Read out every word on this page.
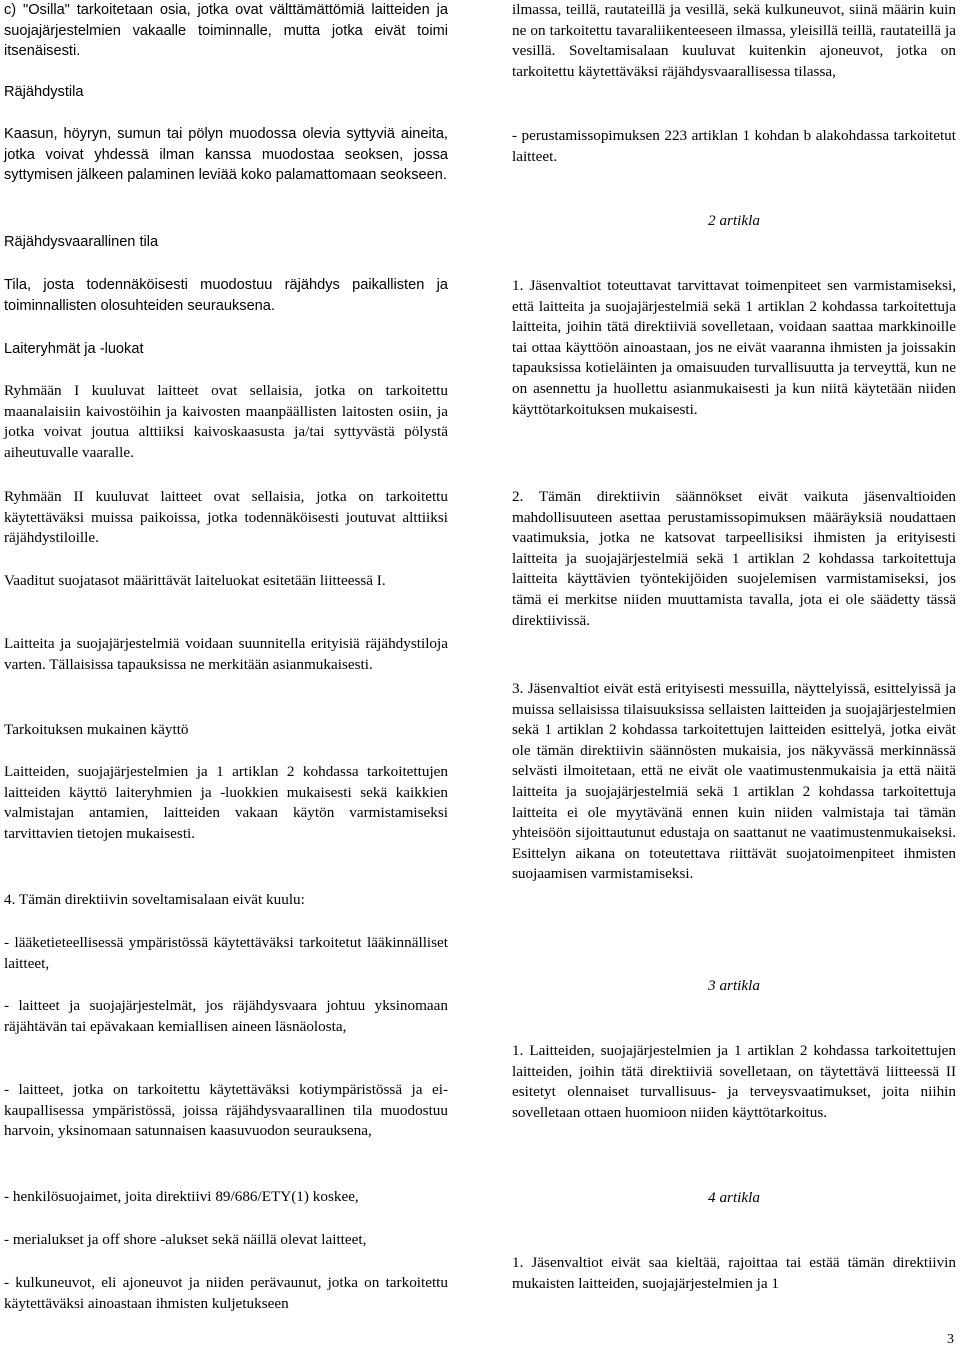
c) "Osilla" tarkoitetaan osia, jotka ovat välttämättömiä laitteiden ja suojajärjestelmien vakaalle toiminnalle, mutta jotka eivät toimi itsenäisesti.

Räjähdystila

Kaasun, höyryn, sumun tai pölyn muodossa olevia syttyviä aineita, jotka voivat yhdessä ilman kanssa muodostaa seoksen, jossa syttymisen jälkeen palaminen leviää koko palamattomaan seokseen.

Räjähdysvaarallinen tila

Tila, josta todennäköisesti muodostuu räjähdys paikallisten ja toiminnallisten olosuhteiden seurauksena.

Laiteryhmät ja -luokat

Ryhmään I kuuluvat laitteet ovat sellaisia, jotka on tarkoitettu maanalaisiin kaivostöihin ja kaivosten maanpäällisten laitosten osiin, ja jotka voivat joutua alttiiksi kaivoskaasusta ja/tai syttyvästä pölystä aiheutuvalle vaaralle.

Ryhmään II kuuluvat laitteet ovat sellaisia, jotka on tarkoitettu käytettäväksi muissa paikoissa, jotka todennäköisesti joutuvat alttiiksi räjähdystiloille.

Vaaditut suojatasot määrittävät laiteluokat esitetään liitteessä I.

Laitteita ja suojajärjestelmiä voidaan suunnitella erityisiä räjähdystiloja varten. Tällaisissa tapauksissa ne merkitään asianmukaisesti.

Tarkoituksen mukainen käyttö

Laitteiden, suojajärjestelmien ja 1 artiklan 2 kohdassa tarkoitettujen laitteiden käyttö laiteryhmien ja -luokkien mukaisesti sekä kaikkien valmistajan antamien, laitteiden vakaan käytön varmistamiseksi tarvittavien tietojen mukaisesti.

4. Tämän direktiivin soveltamisalaan eivät kuulu:

- lääketieteellisessä ympäristössä käytettäväksi tarkoitetut lääkinnälliset laitteet,

- laitteet ja suojajärjestelmät, jos räjähdysvaara johtuu yksinomaan räjähtävän tai epävakaan kemiallisen aineen läsnäolosta,

- laitteet, jotka on tarkoitettu käytettäväksi kotiympäristössä ja ei-kaupallisessa ympäristössä, joissa räjähdysvaarallinen tila muodostuu harvoin, yksinomaan satunnaisen kaasuvuodon seurauksena,

- henkilösuojaimet, joita direktiivi 89/686/ETY(1) koskee,

- merialukset ja off shore -alukset sekä näillä olevat laitteet,

- kulkuneuvot, eli ajoneuvot ja niiden perävaunut, jotka on tarkoitettu käytettäväksi ainoastaan ihmisten kuljetukseen

ilmassa, teillä, rautateillä ja vesillä, sekä kulkuneuvot, siinä määrin kuin ne on tarkoitettu tavaraliikenteeseen ilmassa, yleisillä teillä, rautateillä ja vesillä. Soveltamisalaan kuuluvat kuitenkin ajoneuvot, jotka on tarkoitettu käytettäväksi räjähdysvaarallisessa tilassa,

- perustamissopimuksen 223 artiklan 1 kohdan b alakohdassa tarkoitetut laitteet.

2 artikla

1. Jäsenvaltiot toteuttavat tarvittavat toimenpiteet sen varmistamiseksi, että laitteita ja suojajärjestelmiä sekä 1 artiklan 2 kohdassa tarkoitettuja laitteita, joihin tätä direktiiviä sovelletaan, voidaan saattaa markkinoille tai ottaa käyttöön ainoastaan, jos ne eivät vaaranna ihmisten ja joissakin tapauksissa kotieläinten ja omaisuuden turvallisuutta ja terveyttä, kun ne on asennettu ja huollettu asianmukaisesti ja kun niitä käytetään niiden käyttötarkoituksen mukaisesti.

2. Tämän direktiivin säännökset eivät vaikuta jäsenvaltioiden mahdollisuuteen asettaa perustamissopimuksen määräyksiä noudattaen vaatimuksia, jotka ne katsovat tarpeellisiksi ihmisten ja erityisesti laitteita ja suojajärjestelmiä sekä 1 artiklan 2 kohdassa tarkoitettuja laitteita käyttävien työntekijöiden suojelemisen varmistamiseksi, jos tämä ei merkitse niiden muuttamista tavalla, jota ei ole säädetty tässä direktiivissä.

3. Jäsenvaltiot eivät estä erityisesti messuilla, näyttelyissä, esittelyissä ja muissa sellaisissa tilaisuuksissa sellaisten laitteiden ja suojajärjestelmien sekä 1 artiklan 2 kohdassa tarkoitettujen laitteiden esittelyä, jotka eivät ole tämän direktiivin säännösten mukaisia, jos näkyvässä merkinnässä selvästi ilmoitetaan, että ne eivät ole vaatimustenmukaisia ja että näitä laitteita ja suojajärjestelmiä sekä 1 artiklan 2 kohdassa tarkoitettuja laitteita ei ole myytävänä ennen kuin niiden valmistaja tai tämän yhteisöön sijoittautunut edustaja on saattanut ne vaatimustenmukaiseksi. Esittelyn aikana on toteutettava riittävät suojatoimenpiteet ihmisten suojaamisen varmistamiseksi.

3 artikla

1. Laitteiden, suojajärjestelmien ja 1 artiklan 2 kohdassa tarkoitettujen laitteiden, joihin tätä direktiiviä sovelletaan, on täytettävä liitteessä II esitetyt olennaiset turvallisuus- ja terveysvaatimukset, joita niihin sovelletaan ottaen huomioon niiden käyttötarkoitus.

4 artikla

1. Jäsenvaltiot eivät saa kieltää, rajoittaa tai estää tämän direktiivin mukaisten laitteiden, suojajärjestelmien ja 1

3
